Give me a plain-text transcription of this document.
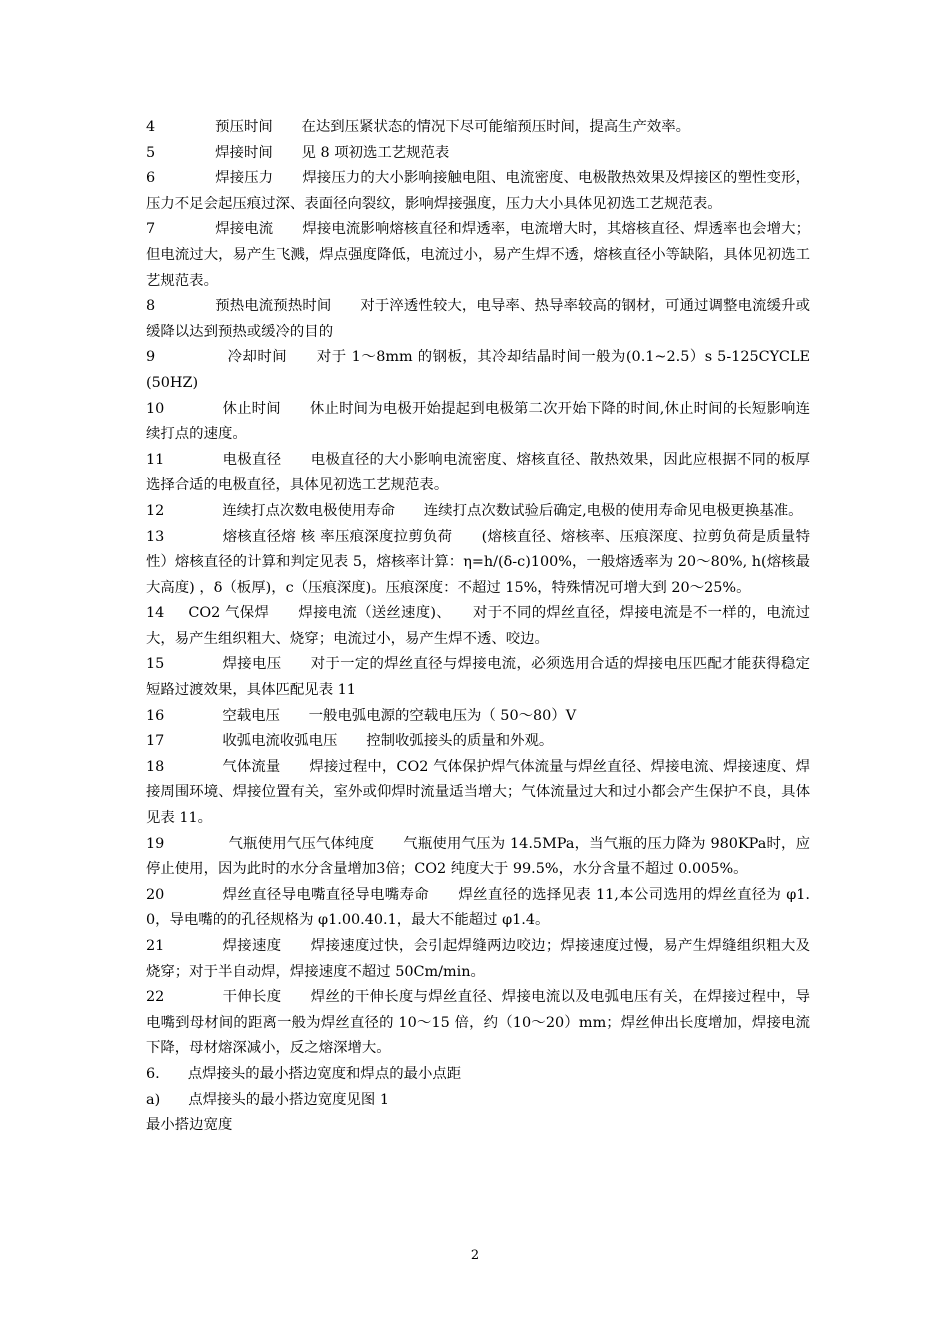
4	预压时间　　在达到压紧状态的情况下尽可能缩预压时间，提高生产效率。

5	焊接时间　　见 8 项初选工艺规范表

6	焊接压力　　焊接压力的大小影响接触电阻、电流密度、电极散热效果及焊接区的塑性变形，压力不足会起压痕过深、表面径向裂纹，影响焊接强度，压力大小具体见初选工艺规范表。

7	焊接电流　　焊接电流影响熔核直径和焊透率，电流增大时，其熔核直径、焊透率也会增大；但电流过大，易产生飞溅，焊点强度降低，电流过小，易产生焊不透，熔核直径小等缺陷，具体见初选工艺规范表。

8	预热电流预热时间　　对于淬透性较大，电导率、热导率较高的钢材，可通过调整电流缓升或缓降以达到预热或缓冷的目的

9	冷却时间　　对于 1～8mm 的钢板，其冷却结晶时间一般为(0.1~2.5）s 5-125CYCLE (50HZ)

10	休止时间　　休止时间为电极开始提起到电极第二次开始下降的时间,休止时间的长短影响连续打点的速度。

11	电极直径　　电极直径的大小影响电流密度、熔核直径、散热效果，因此应根据不同的板厚选择合适的电极直径，具体见初选工艺规范表。

12	连续打点次数电极使用寿命　　连续打点次数试验后确定,电极的使用寿命见电极更换基准。

13	熔核直径熔 核 率压痕深度拉剪负荷　　(熔核直径、熔核率、压痕深度、拉剪负荷是质量特性）熔核直径的计算和判定见表 5，熔核率计算：η=h/(δ-c)100%，一般熔透率为 20～80%, h(熔核最大高度) ，δ（板厚)，c（压痕深度)。压痕深度：不超过 15%，特殊情况可增大到 20～25%。

14 CO2 气保焊　　焊接电流（送丝速度)、　　对于不同的焊丝直径，焊接电流是不一样的，电流过大，易产生组织粗大、烧穿；电流过小，易产生焊不透、咬边。

15	焊接电压　　对于一定的焊丝直径与焊接电流，必须选用合适的焊接电压匹配才能获得稳定短路过渡效果，具体匹配见表 11

16	空载电压　　一般电弧电源的空载电压为（ 50～80）V

17	收弧电流收弧电压　　控制收弧接头的质量和外观。

18	气体流量　　焊接过程中，CO2 气体保护焊气体流量与焊丝直径、焊接电流、焊接速度、焊接周围环境、焊接位置有关，室外或仰焊时流量适当增大；气体流量过大和过小都会产生保护不良，具体见表 11。

19	气瓶使用气压气体纯度　　气瓶使用气压为 14.5MPa，当气瓶的压力降为 980KPa时，应停止使用，因为此时的水分含量增加3倍；CO2 纯度大于 99.5%，水分含量不超过 0.005%。

20	焊丝直径导电嘴直径导电嘴寿命　　焊丝直径的选择见表 11,本公司选用的焊丝直径为 φ1.0，导电嘴的的孔径规格为 φ1.00.40.1，最大不能超过 φ1.4。

21	焊接速度　　焊接速度过快，会引起焊缝两边咬边；焊接速度过慢，易产生焊缝组织粗大及烧穿；对于半自动焊，焊接速度不超过 50Cm/min。

22	干伸长度　　焊丝的干伸长度与焊丝直径、焊接电流以及电弧电压有关，在焊接过程中，导电嘴到母材间的距离一般为焊丝直径的 10～15 倍，约（10～20）mm；焊丝伸出长度增加，焊接电流下降，母材熔深减小，反之熔深增大。

6. 点焊接头的最小搭边宽度和焊点的最小点距

a) 点焊接头的最小搭边宽度见图 1

最小搭边宽度

2
